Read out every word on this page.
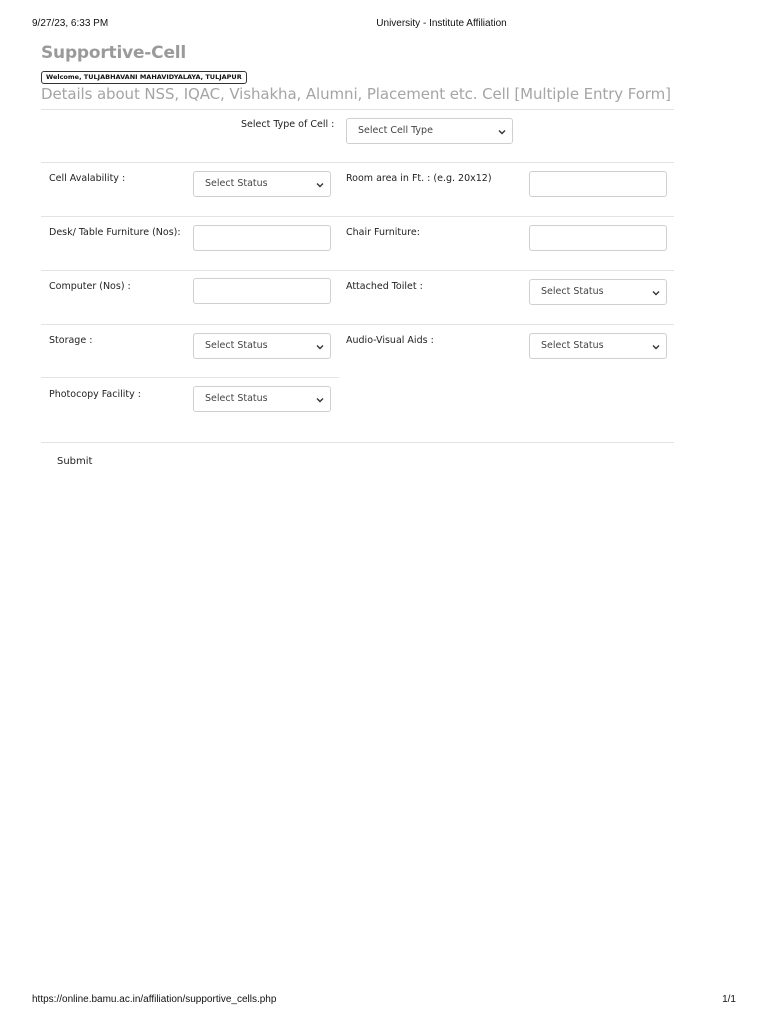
9/27/23, 6:33 PM	University - Institute Affiliation
Supportive-Cell
Welcome, TULJABHAVANI MAHAVIDYALAYA, TULJAPUR
Details about NSS, IQAC, Vishakha, Alumni, Placement etc. Cell [Multiple Entry Form]
Select Type of Cell :
Select Cell Type
Cell Avalability :	Select Status	Room area in Ft. : (e.g. 20x12)
Desk/ Table Furniture (Nos):	Chair Furniture:
Computer (Nos) :	Attached Toilet :	Select Status
Storage :	Select Status	Audio-Visual Aids :	Select Status
Photocopy Facility :	Select Status
Submit
https://online.bamu.ac.in/affiliation/supportive_cells.php	1/1
